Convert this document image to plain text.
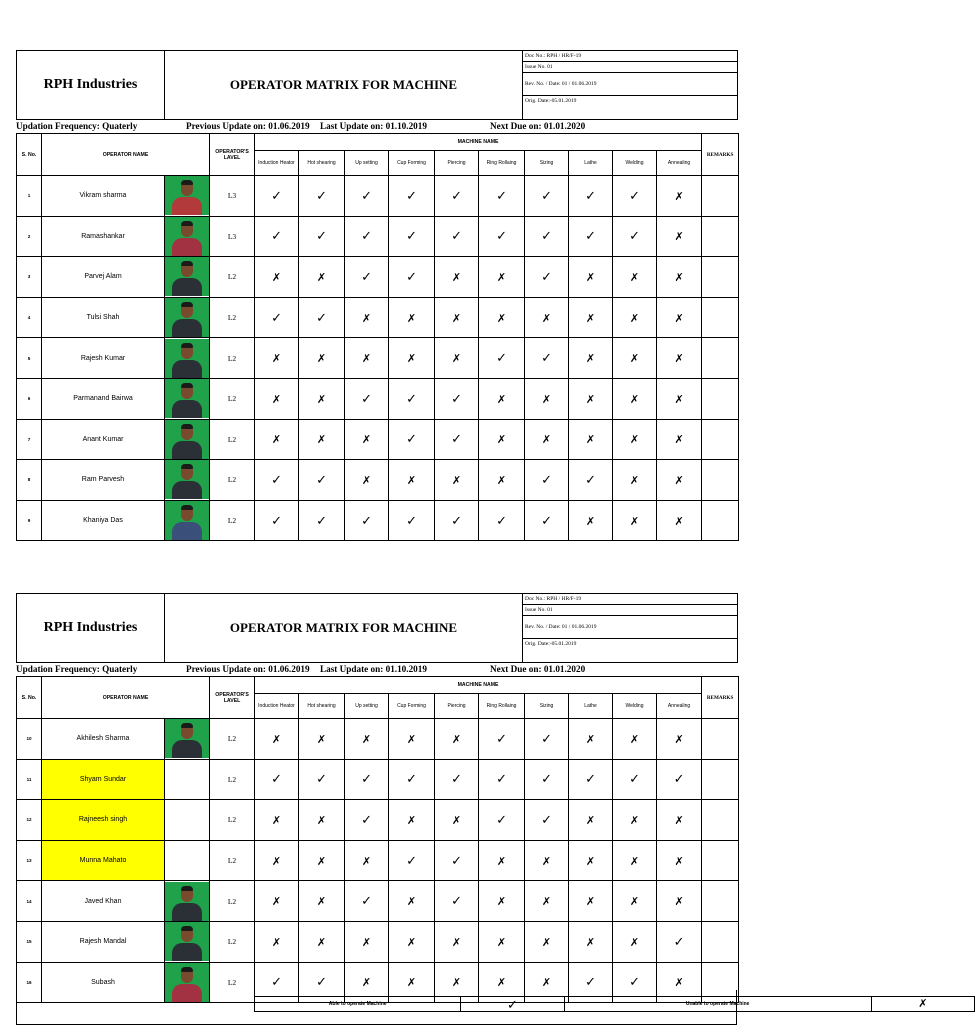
RPH Industries	OPERATOR MATRIX FOR MACHINE	
Doc No.: RPH / HR/F-19
Issue No. 01
Rev. No. / Date: 01 / 01.06.2019
Orig. Date:-05.01.2019
Updation Frequency: Quaterly	Previous Update on: 01.06.2019 Last Update on: 01.10.2019	Next Due on: 01.01.2020
S. No.	OPERATOR NAME		OPERATOR'S LAVEL	MACHINE NAME										REMARKS
				Induction Heator	Hot shearing	Up setting	Cup Forming	Piercing	Ring Rollaing	Sizing	Lathe	Welding	Annealing	
1	Vikram sharma		L3	✓	✓	✓	✓	✓	✓	✓	✓	✓	✗	
2	Ramashankar		L3	✓	✓	✓	✓	✓	✓	✓	✓	✓	✗	
3	Parvej Alam		L2	✗	✗	✓	✓	✗	✗	✓	✗	✗	✗	
4	Tulsi Shah		L2	✓	✓	✗	✗	✗	✗	✗	✗	✗	✗	
5	Rajesh Kumar		L2	✗	✗	✗	✗	✗	✓	✓	✗	✗	✗	
6	Parmanand Bairwa		L2	✗	✗	✓	✓	✓	✗	✗	✗	✗	✗	
7	Anant Kumar		L2	✗	✗	✗	✓	✓	✗	✗	✗	✗	✗	
8	Ram Parvesh		L2	✓	✓	✗	✗	✗	✗	✓	✓	✗	✗	
9	Khaniya Das		L2	✓	✓	✓	✓	✓	✓	✓	✗	✗	✗	
RPH Industries	OPERATOR MATRIX FOR MACHINE	
Doc No.: RPH / HR/F-19
Issue No. 01
Rev. No. / Date: 01 / 01.06.2019
Orig. Date:-05.01.2019
Updation Frequency: Quaterly	Previous Update on: 01.06.2019 Last Update on: 01.10.2019	Next Due on: 01.01.2020
S. No.	OPERATOR NAME		OPERATOR'S LAVEL	MACHINE NAME										REMARKS
				Induction Heator	Hot shearing	Up setting	Cup Forming	Piercing	Ring Rollaing	Sizing	Lathe	Welding	Annealing	
10	Akhilesh Sharma		L2	✗	✗	✗	✗	✗	✓	✓	✗	✗	✗	
11	Shyam Sundar		L2	✓	✓	✓	✓	✓	✓	✓	✓	✓	✓	
12	Rajneesh singh		L2	✗	✗	✓	✗	✗	✓	✓	✗	✗	✗	
13	Munna Mahato		L2	✗	✗	✗	✓	✓	✗	✗	✗	✗	✗	
14	Javed Khan		L2	✗	✗	✓	✗	✓	✗	✗	✗	✗	✗	
15	Rajesh Mandal		L2	✗	✗	✗	✗	✗	✗	✗	✗	✗	✓	
16	Subash		L2	✓	✓	✗	✗	✗	✗	✗	✓	✓	✗	
Able to operate Machine	✓	Unable to operate Machine	✗
